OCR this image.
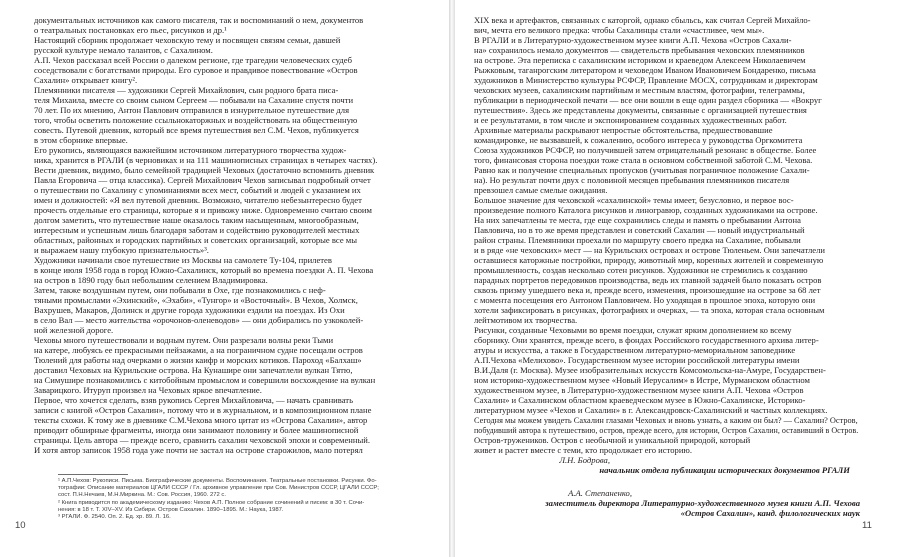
документальных источников как самого писателя, так и воспоминаний о нем, документов
о театральных постановках его пьес, рисунков и др.¹
Настоящий сборник продолжает чеховскую тему и посвящен связям семьи, давшей
русской культуре немало талантов, с Сахалином.
А.П. Чехов рассказал всей России о далеком регионе, где трагедии человеческих судеб
соседствовали с богатствами природы. Его суровое и правдивое повествование «Остров
Сахалин» открывает книгу².
Племянники писателя — художники Сергей Михайлович, сын родного брата писа-
теля Михаила, вместе со своим сыном Сергеем — побывали на Сахалине спустя почти
70 лет. По их мнению, Антон Павлович отправился в изнурительное путешествие для
того, чтобы осветить положение ссыльнокаторжных и воздействовать на общественную
совесть. Путевой дневник, который все время путешествия вел С.М. Чехов, публикуется
в этом сборнике впервые.
Его рукопись, являющаяся важнейшим источником литературного творчества худож-
ника, хранится в РГАЛИ (в черновиках и на 111 машинописных страницах в четырех частях).
Вести дневник, видимо, было семейной традицией Чеховых (достаточно вспомнить дневник
Павла Егоровича — отца классика). Сергей Михайлович Чехов записывал подробный отчет
о путешествии по Сахалину с упоминаниями всех мест, событий и людей с указанием их
имен и должностей: «Я вел путевой дневник. Возможно, читателю небезынтересно будет
прочесть отдельные его страницы, которые я и привожу ниже. Одновременно считаю своим
долгом заметить, что путешествие наше оказалось таким насыщенным, многообразным,
интересным и успешным лишь благодаря заботам и содействию руководителей местных
областных, районных и городских партийных и советских организаций, которые все мы
и выражаем нашу глубокую признательность»³.
Художники начинали свое путешествие из Москвы на самолете Ту-104, прилетев
в конце июля 1958 года в город Южно-Сахалинск, который во времена поездки А. П. Чехова
на остров в 1890 году был небольшим селением Владимировка.
Затем, также воздушным путем, они побывали в Охе, где познакомились с неф-
тяными промыслами «Эхинский», «Эхаби», «Тунгор» и «Восточный». В Чехов, Холмск,
Вахрушев, Макаров, Долинск и другие города художники ездили на поездах. Из Охи
в село Вал — место жительства «орочонов-оленеводов» — они добирались по узкоколей-
ной железной дороге.
Чеховы много путешествовали и водным путем. Они разрезали волны реки Тыми
на катере, любуясь ее прекрасными пейзажами, а на пограничном судне посещали остров
Тюлений для работы над очерками о жизни каифр и морских котиков. Пароход «Балхаш»
доставил Чеховых на Курильские острова. На Кунашире они запечатлели вулкан Тятю,
на Симушире познакомились с китобойным промыслом и совершили восхождение на вулкан
Заварицкого. Итуруп произвел на Чеховых яркое впечатление.
Первое, что хочется сделать, взяв рукопись Сергея Михайловича, — начать сравнивать
записи с книгой «Остров Сахалин», потому что и в журнальном, и в композиционном плане
тексты схожи. К тому же в дневнике С.М.Чехова много цитат из «Острова Сахалин», автор
приводит обширные фрагменты, иногда они занимают половину и более машинописной
страницы. Цель автора — прежде всего, сравнить сахалин чеховской эпохи и современный.
И хотя автор записок 1958 года уже почти не застал на острове старожилов, мало потерял
¹ А.П.Чехов: Рукописи. Письма. Биографические документы. Воспоминания. Театральные постановки. Рисунки. Фо-
тографии: Описание материалов ЦГАЛИ СССР / Гл. архивное управление при Сов. Министров СССР, ЦГАЛИ СССР;
сост. П.Н.Нечаев, М.Н.Миркина. М.: Сов. Россия, 1960. 272 с.
² Книга приводится по академическому изданию: Чехов А.П. Полное собрание сочинений и писем: в 30 т. Сочи-
нения: в 18 т. Т. XIV–XV. Из Сибири. Остров Сахалин. 1890–1895. М.: Наука, 1987.
³ РГАЛИ. Ф. 2540. Оп. 2. Ед. хр. 89. Л. 16.
10
XIX века и артефактов, связанных с каторгой, однако сбыльсь, как считал Сергей Михайло-
вич, мечта его великого предка: чтобы Сахалинцы стали «счастливее, чем мы».
В РГАЛИ и в Литературно-художественном музее книги А.П. Чехова «Остров Сахали-
на» сохранилось немало документов — свидетельств пребывания чеховских племянников
на острове. Эта переписка с сахалинским историком и краеведом Алексеем Николаевичем
Рыжковым, таганрогским литератором и чеховедом Иваном Ивановичем Бондаренко, письма
художников в Министерство культуры РСФСР, Правление МОСХ, сотрудникам и директорам
чеховских музеев, сахалинским партийным и местным властям, фотографии, телеграммы,
публикации в периодической печати — все они вошли в еще один раздел сборника — «Вокруг
путешествия». Здесь же представлены документы, связанные с организацией путешествия
и ее результатами, в том числе и экспонированием созданных художественных работ.
Архивные материалы раскрывают непростые обстоятельства, предшествовавшие
командировке, не вызвавшей, к сожалению, особого интереса у руководства Оргкомитета
Союза художников РСФСР, но получившей затем отрицательный резонанс в обществе. Более
того, финансовая сторона поездки тоже стала в основном собственной заботой С.М. Чехова.
Равно как и получение специальных пропусков (учитывая пограничное положение Сахали-
на). Но результат почти двух с половиной месяцев пребывания племянников писателя
превзошел самые смелые ожидания.
Большое значение для чеховской «сахалинской» темы имеет, безусловно, и первое вос-
произведение полного Каталога рисунков и линогравюр, созданных художниками на острове.
На них запечатлены те места, где еще сохранились следы и память о пребывании Антона
Павловича, но в то же время представлен и советский Сахалин — новый индустриальный
район страны. Племянники проехали по маршруту своего предка на Сахалине, побывали
и в ряде «не чеховских» мест — на Курильских островах и острове Тюленьем. Они запечатлели
оставшиеся каторжные постройки, природу, животный мир, коренных жителей и современную
промышленность, создав несколько сотен рисунков. Художники не стремились к созданию
парадных портретов передовиков производства, ведь их главной задачей было показать остров
сквозь призму ушедшего века и, прежде всего, изменения, произошедшие на острове за 68 лет
с момента посещения его Антоном Павловичем. Но уходящая в прошлое эпоха, которую они
хотели зафиксировать в рисунках, фотографиях и очерках, — та эпоха, которая стала основным
лейтмотивом их творчества.
Рисунки, созданные Чеховыми во время поездки, служат ярким дополнением ко всему
сборнику. Они хранятся, прежде всего, в фондах Российского государственного архива литер-
атуры и искусства, а также в Государственном литературно-мемориальном заповеднике
А.П.Чехова «Мелихово». Государственном музее истории российской литературы имени
В.И.Даля (г. Москва). Музее изобразительных искусств Комсомольска-на-Амуре, Государствен-
ном историко-художественном музее «Новый Иерусалим» в Истре, Мурманском областном
художественном музее, в Литературно-художественном музее книги А.П. Чехова «Остров
Сахалин» и Сахалинском областном краеведческом музее в Южно-Сахалинске, Историко-
литературном музее «Чехов и Сахалин» в г. Александровск-Сахалинский и частных коллекциях.
Сегодня мы можем увидеть Сахалин глазами Чеховых и вновь узнать, а каким он был? — Сахалин? Остров,
побудивший автора к путешествию, остров, прежде всего, для истории, Остров Сахалин, оставивший в Остров.
Остров-тружеников. Остров с необычной и уникальной природой, который
живет и растет вместе с теми, кто продолжает его историю.
11
Л.Н. Бодрова,
начальник отдела публикации исторических документов РГАЛИ
А.А. Степаненко,
заместитель директора Литературно-художественного музея книги А.П. Чехова
«Остров Сахалин», канд. филологических наук
